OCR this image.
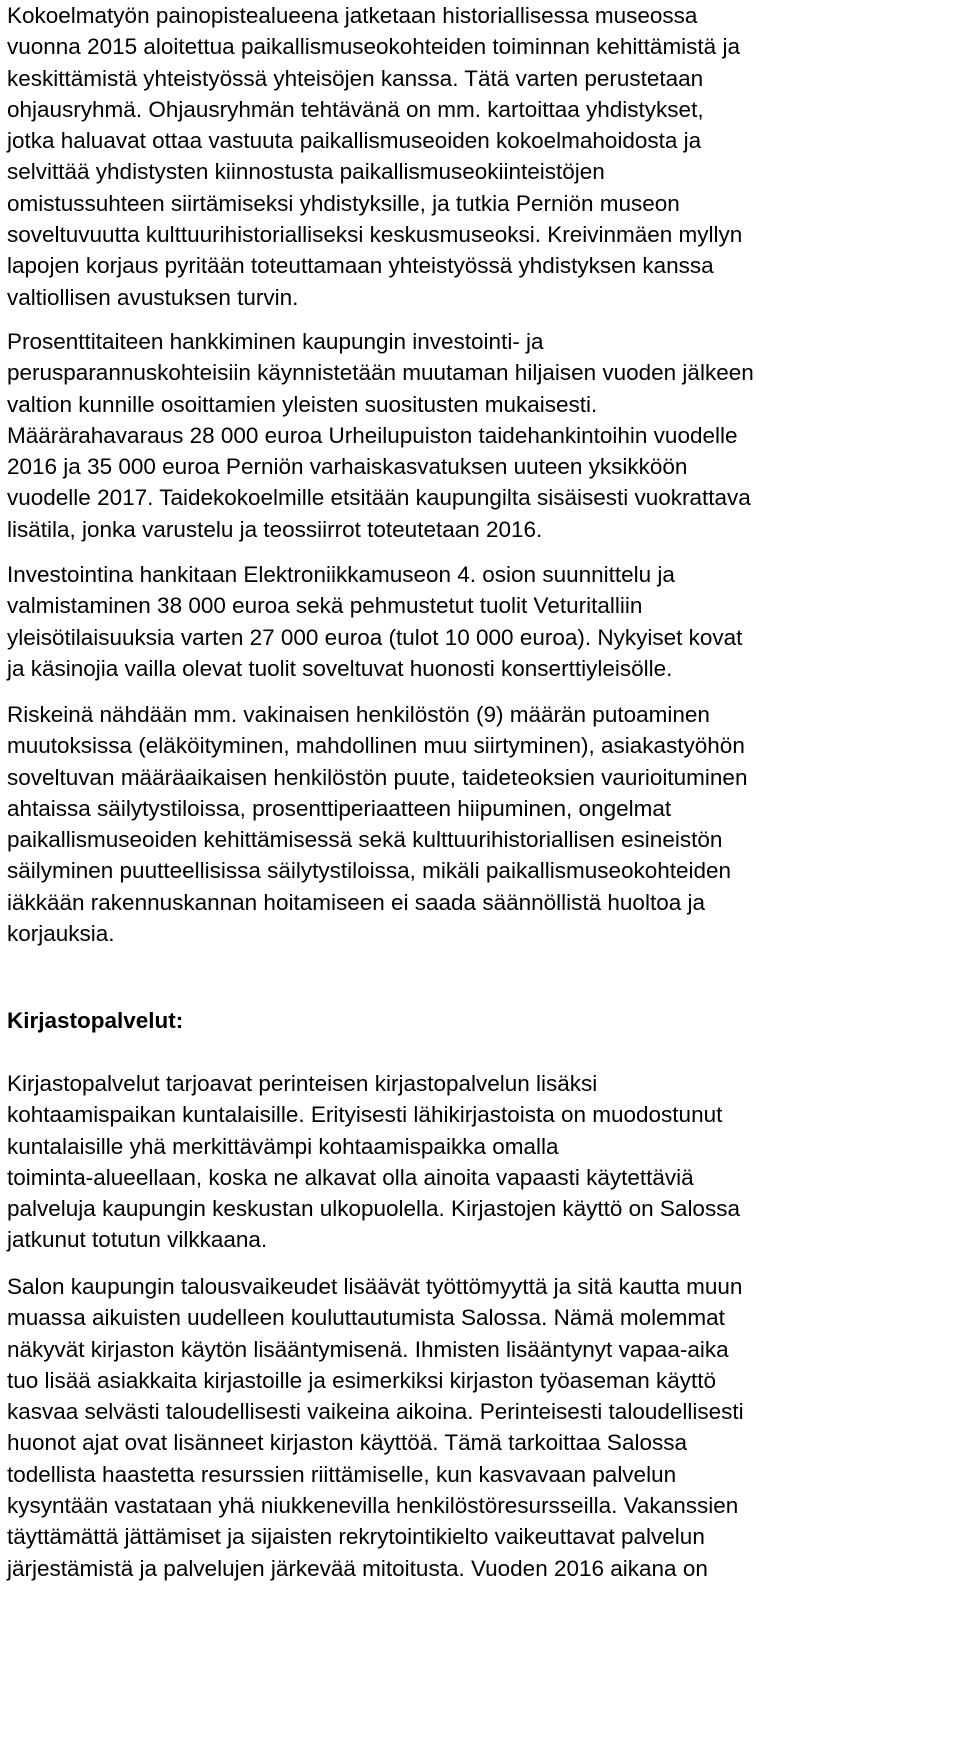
Kokoelmatyön painopistealueena jatketaan historiallisessa museossa
vuonna 2015 aloitettua paikallismuseokohteiden toiminnan kehittämistä ja
keskittämistä yhteistyössä yhteisöjen kanssa. Tätä varten perustetaan
ohjausryhmä. Ohjausryhmän tehtävänä on mm. kartoittaa yhdistykset,
jotka haluavat ottaa vastuuta paikallismuseoiden kokoelmahoidosta ja
selvittää yhdistysten kiinnostusta paikallismuseokiinteistöjen
omistussuhteen siirtämiseksi yhdistyksille, ja tutkia Perniön museon
soveltuvuutta kulttuurihistorialliseksi keskusmuseoksi. Kreivinmäen myllyn
lapojen korjaus pyritään toteuttamaan yhteistyössä yhdistyksen kanssa
valtiollisen avustuksen turvin.
Prosenttitaiteen hankkiminen kaupungin investointi- ja
perusparannuskohteisiin käynnistetään muutaman hiljaisen vuoden jälkeen
valtion kunnille osoittamien yleisten suositusten mukaisesti.
Määrärahavaraus 28 000 euroa Urheilupuiston taidehankintoihin vuodelle
2016 ja 35 000 euroa Perniön varhaiskasvatuksen uuteen yksikköön
vuodelle 2017. Taidekokoelmille etsitään kaupungilta sisäisesti vuokrattava
lisätila, jonka varustelu ja teossiirrot toteutetaan 2016.
Investointina hankitaan Elektroniikkamuseon 4. osion suunnittelu ja
valmistaminen 38 000 euroa sekä pehmustetut tuolit Veturitalliin
yleisötilaisuuksia varten 27 000 euroa (tulot 10 000 euroa). Nykyiset kovat
ja käsinojia vailla olevat tuolit soveltuvat huonosti konserttiyleisölle.
Riskeinä nähdään mm. vakinaisen henkilöstön (9) määrän putoaminen
muutoksissa (eläköityminen, mahdollinen muu siirtyminen), asiakastyöhön
soveltuvan määräaikaisen henkilöstön puute, taideteoksien vaurioituminen
ahtaissa säilytystiloissa, prosenttiperiaatteen hiipuminen, ongelmat
paikallismuseoiden kehittämisessä sekä kulttuurihistoriallisen esineistön
säilyminen puutteellisissa säilytystiloissa, mikäli paikallismuseokohteiden
iäkkään rakennuskannan hoitamiseen ei saada säännöllistä huoltoa ja
korjauksia.
Kirjastopalvelut:
Kirjastopalvelut tarjoavat perinteisen kirjastopalvelun lisäksi
kohtaamispaikan kuntalaisille. Erityisesti lähikirjastoista on muodostunut
kuntalaisille yhä merkittävämpi kohtaamispaikka omalla
toiminta-alueellaan, koska ne alkavat olla ainoita vapaasti käytettäviä
palveluja kaupungin keskustan ulkopuolella. Kirjastojen käyttö on Salossa
jatkunut totutun vilkkaana.
Salon kaupungin talousvaikeudet lisäävät työttömyyttä ja sitä kautta muun
muassa aikuisten uudelleen kouluttautumista Salossa. Nämä molemmat
näkyvät kirjaston käytön lisääntymisenä. Ihmisten lisääntynyt vapaa-aika
tuo lisää asiakkaita kirjastoille ja esimerkiksi kirjaston työaseman käyttö
kasvaa selvästi taloudellisesti vaikeina aikoina. Perinteisesti taloudellisesti
huonot ajat ovat lisänneet kirjaston käyttöä. Tämä tarkoittaa Salossa
todellista haastetta resurssien riittämiselle, kun kasvavaan palvelun
kysyntään vastataan yhä niukkenevilla henkilöstöresursseilla. Vakanssien
täyttämättä jättämiset ja sijaisten rekrytointikielto vaikeuttavat palvelun
järjestämistä ja palvelujen järkevää mitoitusta. Vuoden 2016 aikana on
